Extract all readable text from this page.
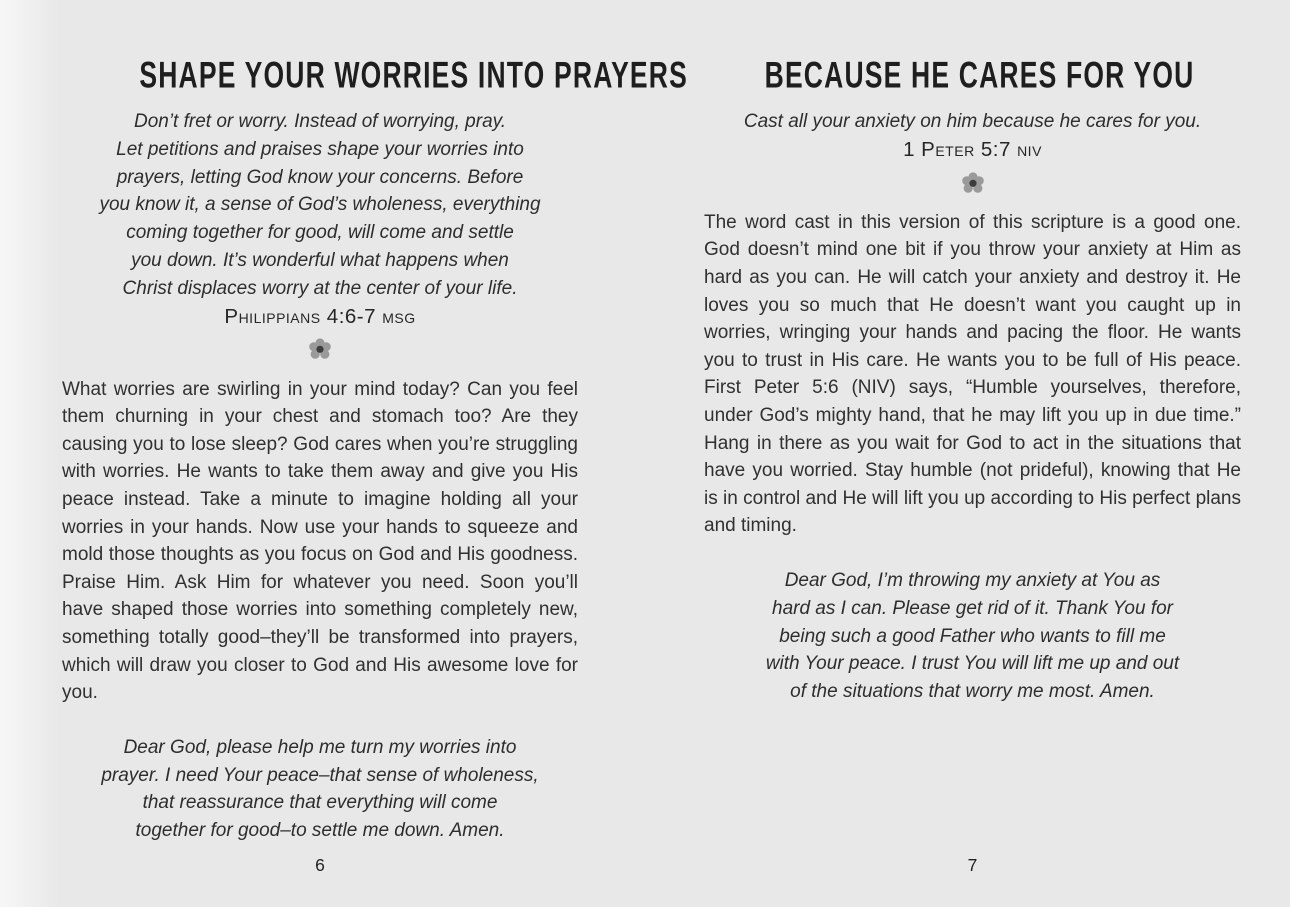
SHAPE YOUR WORRIES INTO PRAYERS
Don’t fret or worry. Instead of worrying, pray.
Let petitions and praises shape your worries into
prayers, letting God know your concerns. Before
you know it, a sense of God’s wholeness, everything
coming together for good, will come and settle
you down. It’s wonderful what happens when
Christ displaces worry at the center of your life.
Philippians 4:6-7 msg

What worries are swirling in your mind today? Can you feel them churning in your chest and stomach too? Are they causing you to lose sleep? God cares when you’re struggling with worries. He wants to take them away and give you His peace instead. Take a minute to imagine holding all your worries in your hands. Now use your hands to squeeze and mold those thoughts as you focus on God and His goodness. Praise Him. Ask Him for whatever you need. Soon you’ll have shaped those worries into something completely new, something totally good–they’ll be transformed into prayers, which will draw you closer to God and His awesome love for you.

Dear God, please help me turn my worries into
prayer. I need Your peace–that sense of wholeness,
that reassurance that everything will come
together for good–to settle me down. Amen.
6
BECAUSE HE CARES FOR YOU
Cast all your anxiety on him because he cares for you.
1 Peter 5:7 niv

The word cast in this version of this scripture is a good one. God doesn’t mind one bit if you throw your anxiety at Him as hard as you can. He will catch your anxiety and destroy it. He loves you so much that He doesn’t want you caught up in worries, wringing your hands and pacing the floor. He wants you to trust in His care. He wants you to be full of His peace. First Peter 5:6 (NIV) says, “Humble yourselves, therefore, under God’s mighty hand, that he may lift you up in due time.” Hang in there as you wait for God to act in the situations that have you worried. Stay humble (not prideful), knowing that He is in control and He will lift you up according to His perfect plans and timing.

Dear God, I’m throwing my anxiety at You as
hard as I can. Please get rid of it. Thank You for
being such a good Father who wants to fill me
with Your peace. I trust You will lift me up and out
of the situations that worry me most. Amen.
7
